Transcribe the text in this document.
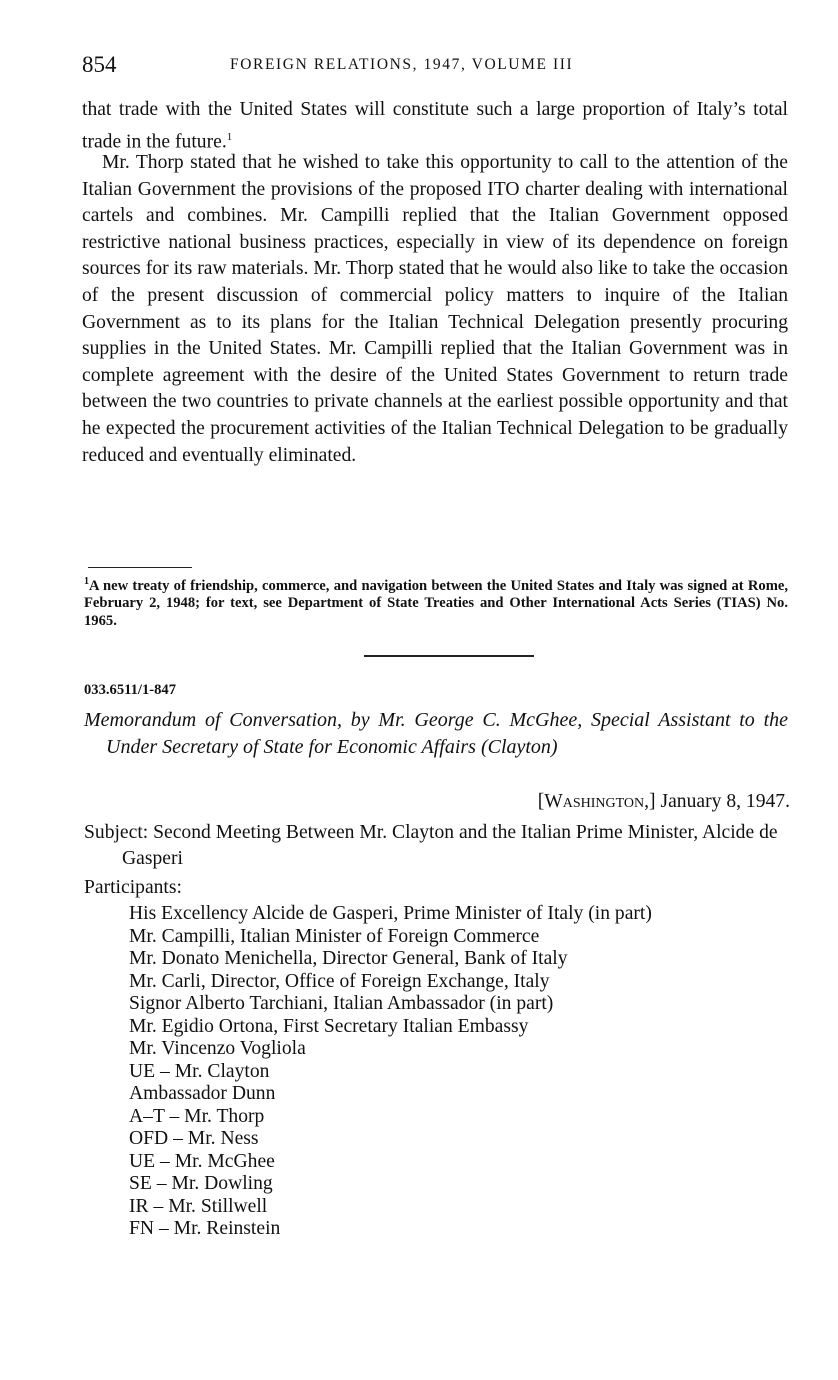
854	FOREIGN RELATIONS, 1947, VOLUME III

that trade with the United States will constitute such a large proportion of Italy’s total trade in the future.$^1$

Mr. Thorp stated that he wished to take this opportunity to call to the attention of the Italian Government the provisions of the proposed ITO charter dealing with international cartels and combines. Mr. Campilli replied that the Italian Government opposed restrictive national business practices, especially in view of its dependence on foreign sources for its raw materials. Mr. Thorp stated that he would also like to take the occasion of the present discussion of commercial policy matters to inquire of the Italian Government as to its plans for the Italian Technical Delegation presently procuring supplies in the United States. Mr. Campilli replied that the Italian Government was in complete agreement with the desire of the United States Government to return trade between the two countries to private channels at the earliest possible opportunity and that he expected the procurement activities of the Italian Technical Delegation to be gradually reduced and eventually eliminated.

$^1$A new treaty of friendship, commerce, and navigation between the United States and Italy was signed at Rome, February 2, 1948; for text, see Department of State Treaties and Other International Acts Series (TIAS) No. 1965.

033.6511/1-847

Memorandum of Conversation, by Mr. George C. McGhee, Special Assistant to the Under Secretary of State for Economic Affairs (Clayton)

[Washington,] January 8, 1947.

Subject: Second Meeting Between Mr. Clayton and the Italian Prime Minister, Alcide de Gasperi

Participants:
His Excellency Alcide de Gasperi, Prime Minister of Italy (in part)
Mr. Campilli, Italian Minister of Foreign Commerce
Mr. Donato Menichella, Director General, Bank of Italy
Mr. Carli, Director, Office of Foreign Exchange, Italy
Signor Alberto Tarchiani, Italian Ambassador (in part)
Mr. Egidio Ortona, First Secretary Italian Embassy
Mr. Vincenzo Vogliola
UE – Mr. Clayton
Ambassador Dunn
A–T – Mr. Thorp
OFD – Mr. Ness
UE – Mr. McGhee
SE – Mr. Dowling
IR – Mr. Stillwell
FN – Mr. Reinstein
